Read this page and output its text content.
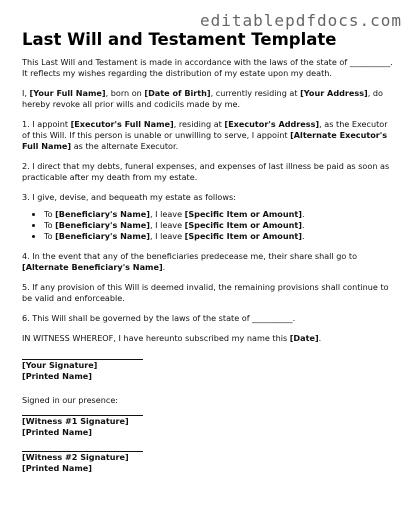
editablepdfdocs.com
Last Will and Testament Template

This Last Will and Testament is made in accordance with the laws of the state of __________. It reflects my wishes regarding the distribution of my estate upon my death.

I, [Your Full Name], born on [Date of Birth], currently residing at [Your Address], do hereby revoke all prior wills and codicils made by me.

1. I appoint [Executor's Full Name], residing at [Executor's Address], as the Executor of this Will. If this person is unable or unwilling to serve, I appoint [Alternate Executor's Full Name] as the alternate Executor.

2. I direct that my debts, funeral expenses, and expenses of last illness be paid as soon as practicable after my death from my estate.

3. I give, devise, and bequeath my estate as follows:

• To [Beneficiary's Name], I leave [Specific Item or Amount].
• To [Beneficiary's Name], I leave [Specific Item or Amount].
• To [Beneficiary's Name], I leave [Specific Item or Amount].

4. In the event that any of the beneficiaries predecease me, their share shall go to [Alternate Beneficiary's Name].

5. If any provision of this Will is deemed invalid, the remaining provisions shall continue to be valid and enforceable.

6. This Will shall be governed by the laws of the state of __________.

IN WITNESS WHEREOF, I have hereunto subscribed my name this [Date].

[Your Signature]
[Printed Name]

Signed in our presence:

[Witness #1 Signature]
[Printed Name]
[Witness #2 Signature]
[Printed Name]
